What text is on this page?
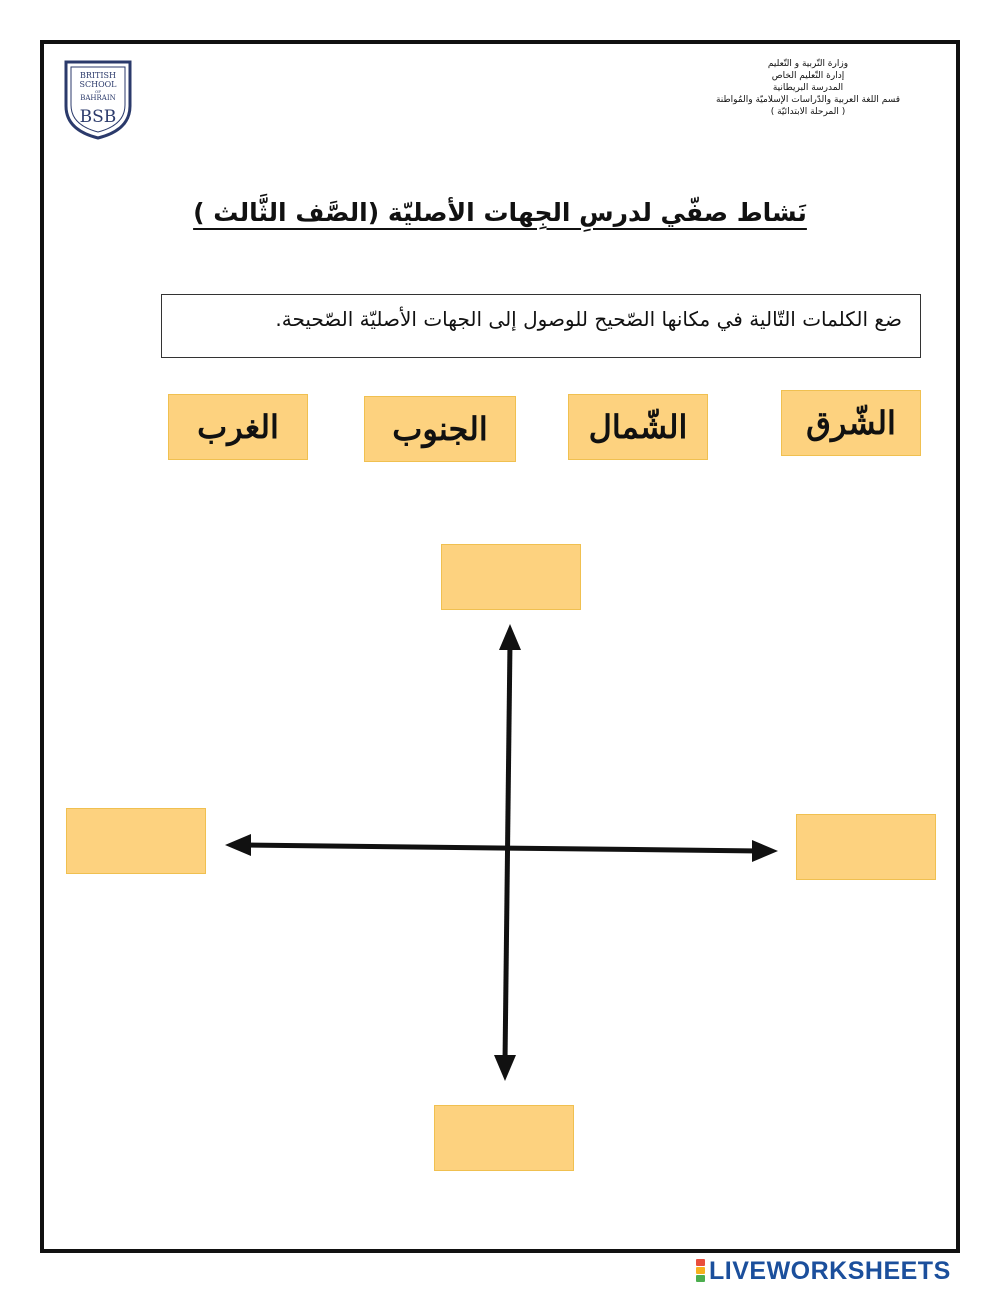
BRITISH
SCHOOL
OF
BAHRAIN
BSB
وزارة التّربية و التّعليم
إدارة التّعليم الخاص
المدرسة البريطانية
قسم اللغة العربية والدّراسات الإسلاميّة والمُواطنة
( المرحلة الابتدائيّة )
نَشاط صفّي لدرسِ الجِهات الأصليّة (الصَّف الثَّالث )
ضع الكلمات التّالية في مكانها الصّحيح للوصول إلى الجهات الأصليّة الصّحيحة.
الشّرق
الشّمال
الجنوب
الغرب
LIVEWORKSHEETS
